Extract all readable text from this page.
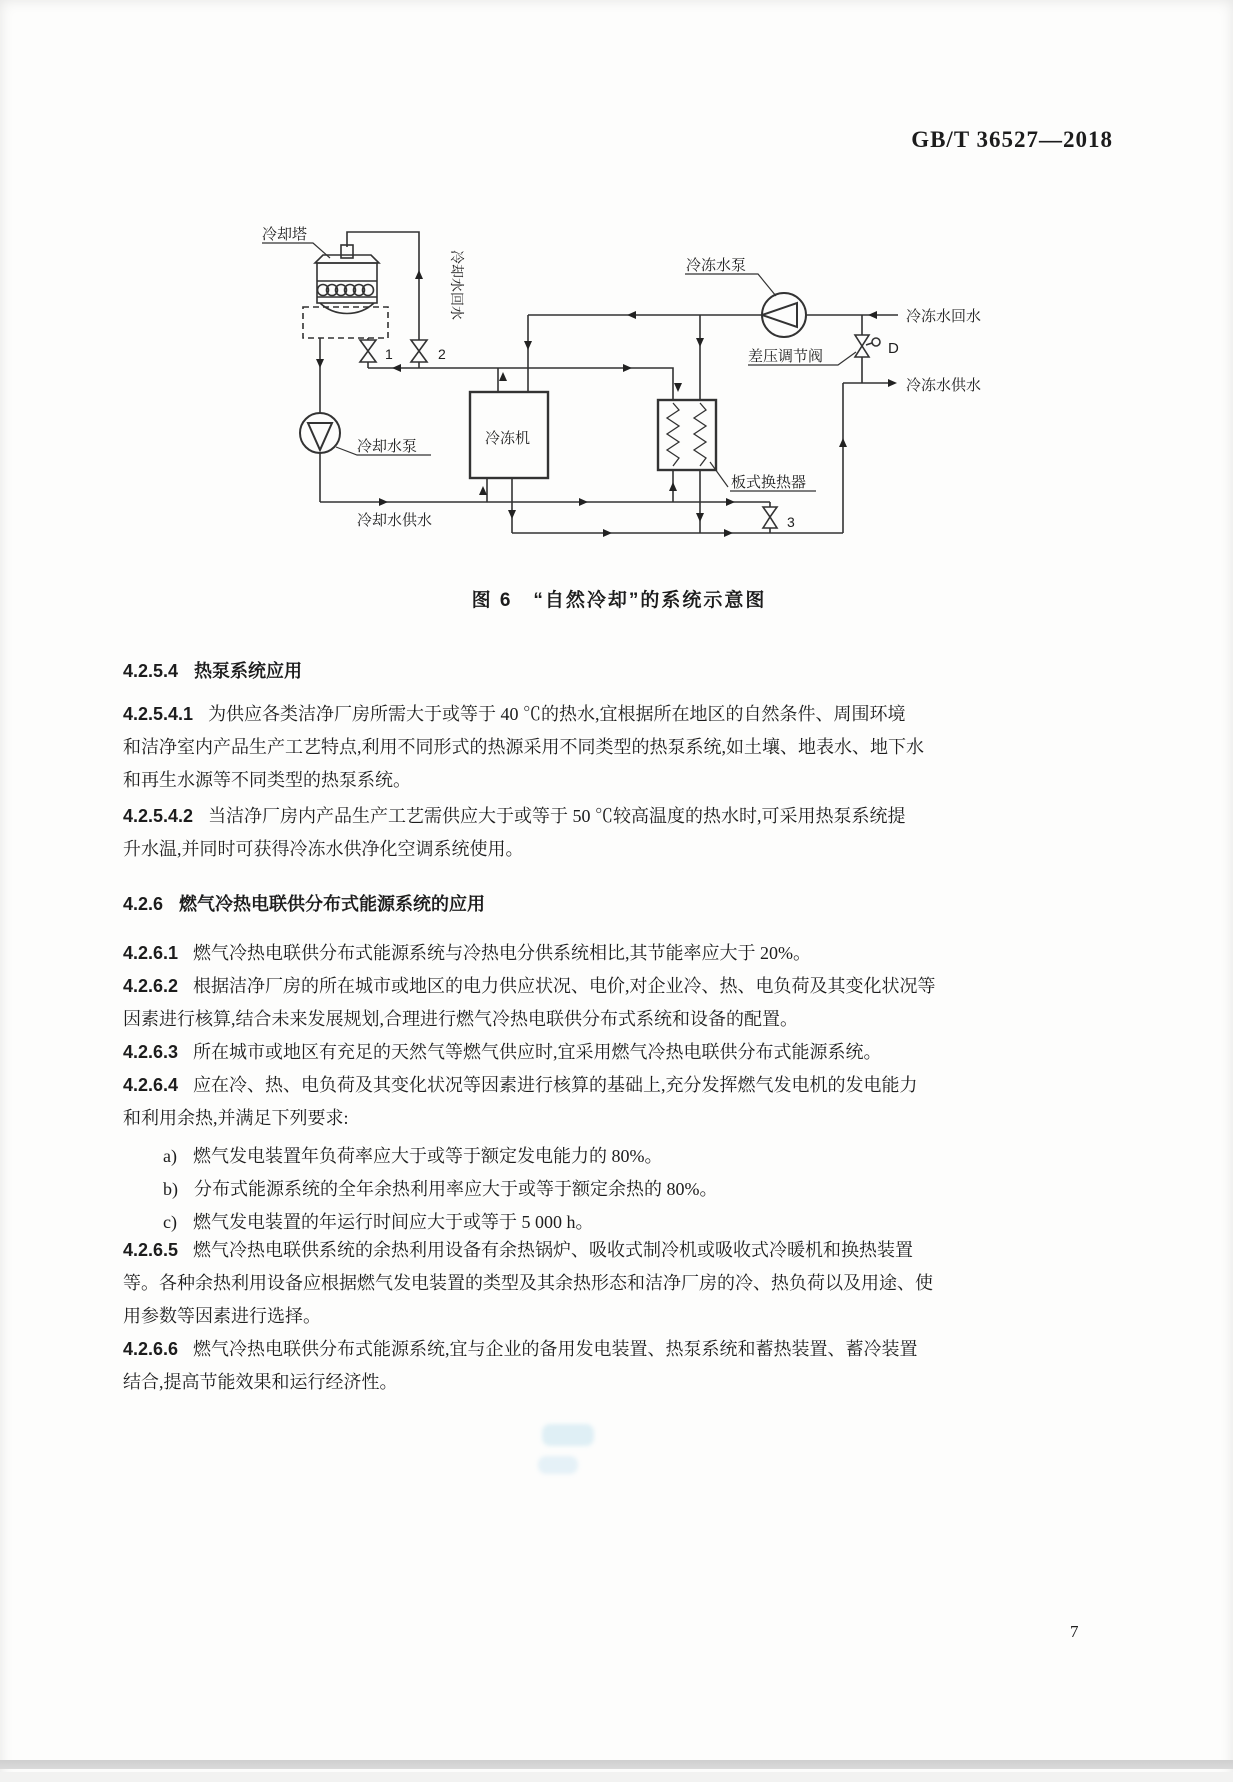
GB/T 36527—2018
冷却塔
冷冻水泵
冷冻水回水
差压调节阀	D
冷冻水供水
冷却水回水
冷冻机
板式换热器
冷却水泵
冷却水供水
1	2
3
图 6　“自然冷却”的系统示意图
4.2.5.4 热泵系统应用
4.2.5.4.1 为供应各类洁净厂房所需大于或等于 40 ℃的热水,宜根据所在地区的自然条件、周围环境
和洁净室内产品生产工艺特点,利用不同形式的热源采用不同类型的热泵系统,如土壤、地表水、地下水
和再生水源等不同类型的热泵系统。
4.2.5.4.2 当洁净厂房内产品生产工艺需供应大于或等于 50 ℃较高温度的热水时,可采用热泵系统提
升水温,并同时可获得冷冻水供净化空调系统使用。
4.2.6 燃气冷热电联供分布式能源系统的应用
4.2.6.1 燃气冷热电联供分布式能源系统与冷热电分供系统相比,其节能率应大于 20%。
4.2.6.2 根据洁净厂房的所在城市或地区的电力供应状况、电价,对企业冷、热、电负荷及其变化状况等
因素进行核算,结合未来发展规划,合理进行燃气冷热电联供分布式系统和设备的配置。
4.2.6.3 所在城市或地区有充足的天然气等燃气供应时,宜采用燃气冷热电联供分布式能源系统。
4.2.6.4 应在冷、热、电负荷及其变化状况等因素进行核算的基础上,充分发挥燃气发电机的发电能力
和利用余热,并满足下列要求:
a) 燃气发电装置年负荷率应大于或等于额定发电能力的 80%。
b) 分布式能源系统的全年余热利用率应大于或等于额定余热的 80%。
c) 燃气发电装置的年运行时间应大于或等于 5 000 h。
4.2.6.5 燃气冷热电联供系统的余热利用设备有余热锅炉、吸收式制冷机或吸收式冷暖机和换热装置
等。各种余热利用设备应根据燃气发电装置的类型及其余热形态和洁净厂房的冷、热负荷以及用途、使
用参数等因素进行选择。
4.2.6.6 燃气冷热电联供分布式能源系统,宜与企业的备用发电装置、热泵系统和蓄热装置、蓄冷装置
结合,提高节能效果和运行经济性。
7
